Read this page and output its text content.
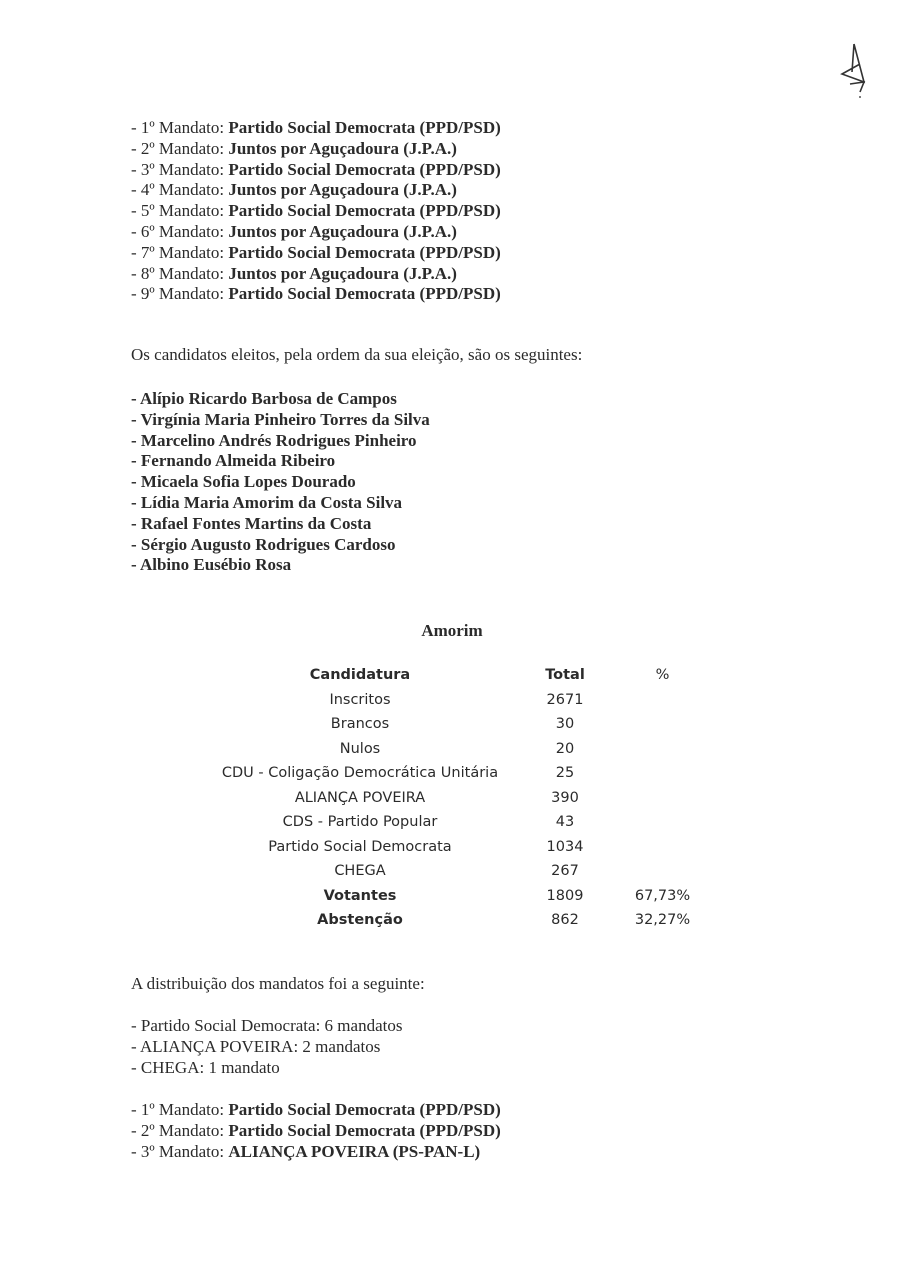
- 1º Mandato: Partido Social Democrata (PPD/PSD)
- 2º Mandato: Juntos por Aguçadoura (J.P.A.)
- 3º Mandato: Partido Social Democrata (PPD/PSD)
- 4º Mandato: Juntos por Aguçadoura (J.P.A.)
- 5º Mandato: Partido Social Democrata (PPD/PSD)
- 6º Mandato: Juntos por Aguçadoura (J.P.A.)
- 7º Mandato: Partido Social Democrata (PPD/PSD)
- 8º Mandato: Juntos por Aguçadoura (J.P.A.)
- 9º Mandato: Partido Social Democrata (PPD/PSD)
Os candidatos eleitos, pela ordem da sua eleição, são os seguintes:
- Alípio Ricardo Barbosa de Campos
- Virgínia Maria Pinheiro Torres da Silva
- Marcelino Andrés Rodrigues Pinheiro
- Fernando Almeida Ribeiro
- Micaela Sofia Lopes Dourado
- Lídia Maria Amorim da Costa Silva
- Rafael Fontes Martins da Costa
- Sérgio Augusto Rodrigues Cardoso
- Albino Eusébio Rosa
Amorim
Candidatura	Total	%
Inscritos	2671	
Brancos	30	
Nulos	20	
CDU - Coligação Democrática Unitária	25	
ALIANÇA POVEIRA	390	
CDS - Partido Popular	43	
Partido Social Democrata	1034	
CHEGA	267	
Votantes	1809	67,73%
Abstenção	862	32,27%
A distribuição dos mandatos foi a seguinte:
- Partido Social Democrata: 6 mandatos
- ALIANÇA POVEIRA: 2 mandatos
- CHEGA: 1 mandato
- 1º Mandato: Partido Social Democrata (PPD/PSD)
- 2º Mandato: Partido Social Democrata (PPD/PSD)
- 3º Mandato: ALIANÇA POVEIRA (PS-PAN-L)
